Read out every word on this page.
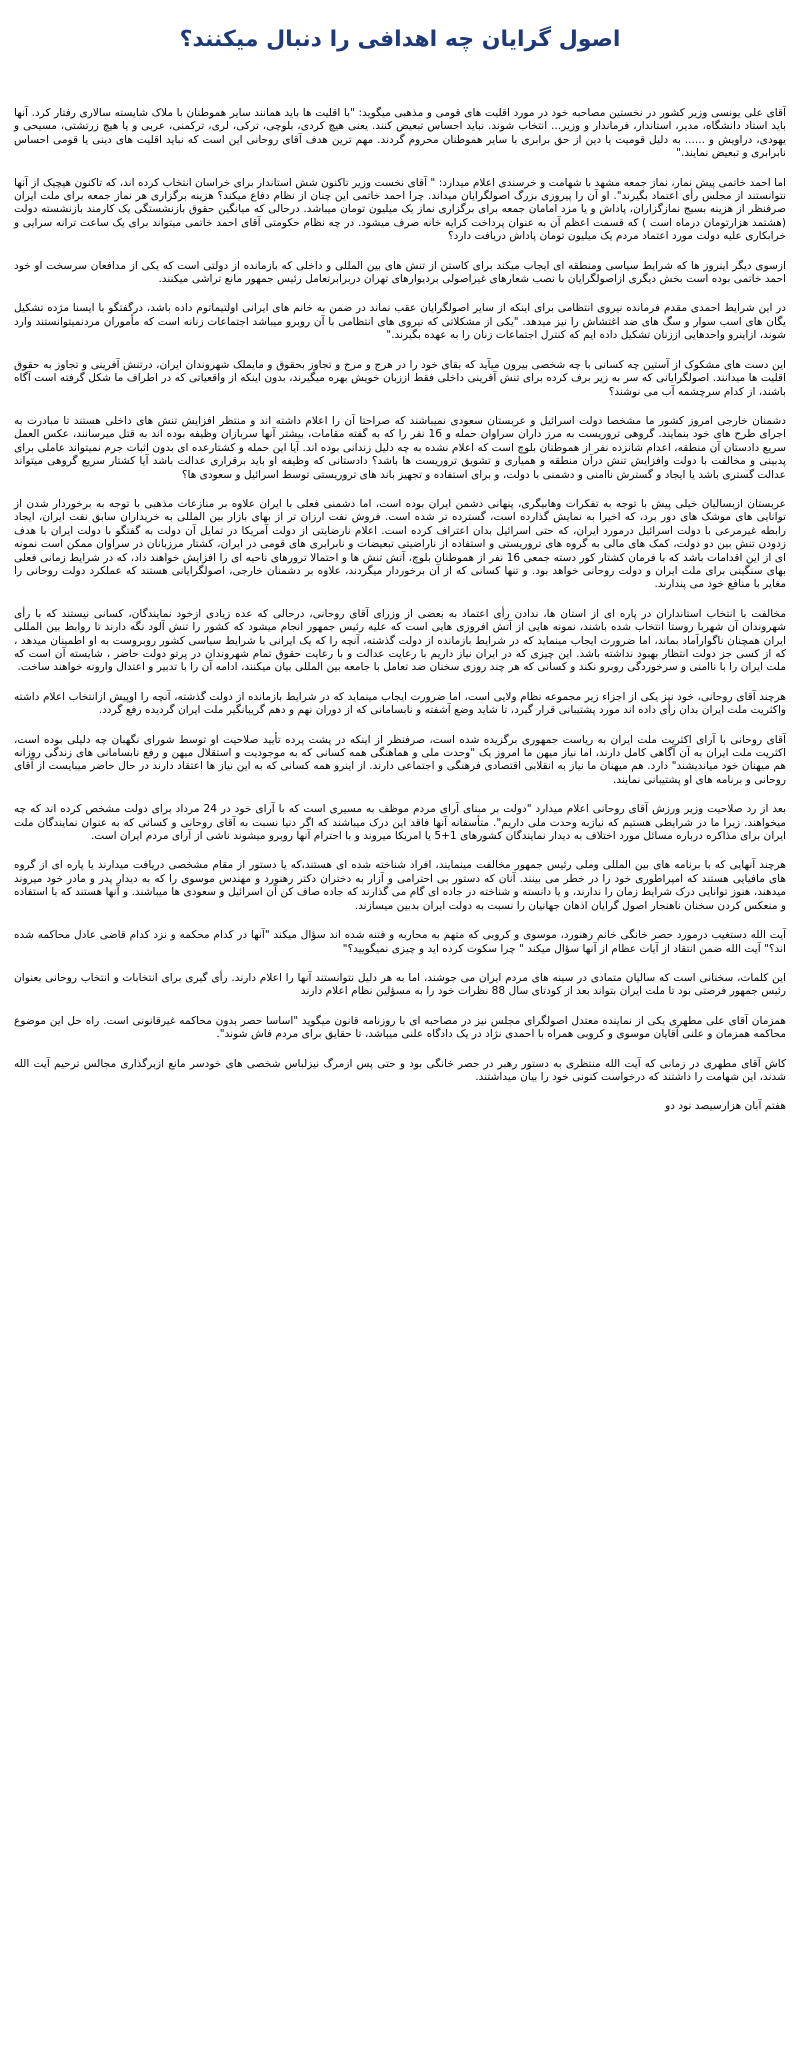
اصول گرایان چه اهدافی را دنبال میکنند؟

آقای علی یونسی وزیر کشور در نخستین مصاحبه خود در مورد اقلیت های قومی و مذهبی میگوید: "با اقلیت ها باید همانند سایر هموطنان با ملاک شایسته سالاری رفتار کرد. آنها باید استاد دانشگاه، مدیر، استاندار، فرماندار و وزیر... انتخاب شوند. نباید احساس تبعیض کنند. یعنی هیچ کردی، بلوچی، ترکی، لری، ترکمنی، عربی و یا هیچ زرتشتی، مسیحی و یهودی، دراویش و ...... به دلیل قومیت یا دین از حق برابری با سایر هموطنان محروم گردند. مهم ترین هدف آقای روحانی این است که نباید اقلیت های دینی یا قومی احساس نابرابری و تبعیض نمایند."

اما احمد خاتمی پیش نمار، نماز جمعه مشهد با شهامت و خرسندی اعلام میدارد: " آقای نخست وزیر تاکنون شش استاندار برای خراسان انتخاب کرده اند، که تاکنون هیچیک از آنها نتوانستند از مجلس رأی اعتماد بگیرند". او آن را پیروزی بزرگ اصولگرایان میداند. چرا احمد خاتمی این چنان از نظام دفاع میکند؟ هزینه برگزاری هر نماز جمعه برای ملت ایران صرفنظر از هزینه بسیج نمازگزاران، پاداش و یا مزد امامان جمعه برای برگزاری نماز یک میلیون تومان میباشد. درحالی که میانگین حقوق بازنشستگی یک کارمند بازنشسته دولت (هشتمد هزارتومان درماه است ) که قسمت اعظم آن به عنوان پرداخت کرایه خانه صرف میشود. در چه نظام حکومتی آقای احمد خاتمی میتواند برای یک ساعت ترانه سرایی و خرابکاری علیه دولت مورد اعتماد مردم یک میلیون تومان پاداش دریافت دارد؟

ازسوی دیگر اینروز ها که شرایط سیاسی ومنطقه ای ایجاب میکند برای کاستن از تنش های بین المللی و داخلی که بازمانده از دولتی است که یکی از مدافعان سرسخت او خود احمد خاتمی بوده است بخش دیگری ازاصولگرایان با نصب شعارهای غیراصولی بردیوارهای تهران دربرابرتعامل رئیس جمهور مانع تراشی میکنند.

در این شرایط احمدی مقدم فرمانده نیروی انتظامی برای اینکه از سایر اصولگرایان عقب نماند در ضمن به خانم های ایرانی اولتیماتوم داده باشد، درگفتگو با ایسنا مژده تشکیل یگان های اسب سوار و سگ های ضد اغتشاش را نیز میدهد. "یکی از مشکلاتی که نیروی های انتظامی با آن روبرو میباشد اجتماعات زنانه است که مأموران مردنمیتوانستند وارد شوند، ازاینرو واحدهایی اززنان تشکیل داده ایم که کنترل اجتماعات زنان را به عهده بگیرند."

این دست های مشکوک از آستین چه کسانی با چه شخصی بیرون میآید که بقای خود را در هرج و مرج و تجاوز بحقوق و مایملک شهروندان ایران، درتنش آفرینی و تجاوز به حقوق اقلیت ها میدانند. اصولگرایانی که سر به زیر برف کرده برای تنش آفرینی داخلی فقط اززبان خویش بهره میگیرند، بدون اینکه از واقعیاتی که در اطراف ما شکل گرفته است آگاه باشند، از کدام سرچشمه آب می نوشند؟

دشمنان خارجی امروز کشور ما مشخصا دولت اسرائیل و عربستان سعودی نمیباشند که صراحتا آن را اعلام داشته اند و منتظر افزایش تنش های داخلی هستند تا مبادرت به اجرای طرح های خود بنمایند. گروهی تروریست به مرز داران سراوان حمله و 16 نفر را که به گفته مقامات، بیشتر آنها سربازان وظیفه بوده اند به قتل میرسانند، عکس العمل سریع دادستان آن منطقه، اعدام شانزده نفر از هموطنان بلوچ است که اعلام نشده به چه دلیل زندانی بوده اند. آیا این حمله و کشتارعده ای بدون اثبات جرم نمیتواند عاملی برای پدبینی و مخالفت با دولت وافزایش تنش درآن منطقه و همیاری و تشویق تروریست ها باشد؟ دادستانی که وظیفه او باید برقراری عدالت باشد آیا کشتار سریع گروهی میتواند عدالت گستری باشد یا ایجاد و گسترش ناامنی و دشمنی با دولت، و برای استفاده و تجهیز باند های تروریستی توسط اسرائیل و سعودی ها؟

عربستان ازبسالیان خیلی پیش با توجه به تفکرات وهابیگری، پنهانی دشمن ایران بوده است، اما دشمنی فعلی با ایران علاوه بر منازعات مذهبی با توجه به برخوردار شدن از توانایی های موشک های دور برد، که اخیرا به نمایش گذارده است، گسترده تر شده است. فروش نفت ارزان تر از بهای بازار بین المللی به خریداران سابق نفت ایران، ایجاد رابطه غیرمرعی با دولت اسرائیل درمورد ایران، که حتی اسرائیل بدان اعتراف کرده است. اعلام نارضایتی از دولت آمریکا در تمایل آن دولت به گفتگو با دولت ایران با هدف زدودن تنش بین دو دولت، کمک های مالی به گروه های تروریستی و استفاده از ناراضیتی تبعیضات و نابرابری های قومی در ایران، کشتار مرزبانان در سراوان ممکن است نمونه ای از این اقدامات باشد که با فرمان کشتار کور دسته جمعی 16 نفر از هموطنان بلوچ، آتش تنش ها و احتمالا ترورهای ناحیه ای را افزایش خواهند داد، که در شرایط زمانی فعلی بهای سنگینی برای ملت ایران و دولت روحانی خواهد بود. و تنها کسانی که از آن برخوردار میگردند، علاوه بر دشمنان خارجی، اصولگرایانی هستند که عملکرد دولت روحانی را مغایر با منافع خود می پندارند.

مخالفت با انتخاب استانداران در پاره ای از استان ها، ندادن رأی اعتماد به بعضی از وزرای آقای روحانی، درحالی که عده زیادی ازخود نمایندگان، کسانی نیستند که با رأی شهروندان آن شهربا روستا انتخاب شده باشند، نمونه هایی از آتش افروزی هایی است که علیه رئیس جمهور انجام میشود که کشور را تنش آلود نگه دارند تا روابط بین المللی ایران همچنان ناگوارآماد بماند، اما ضرورت ایجاب مینماید که در شرایط بازمانده از دولت گذشته، آنچه را که یک ایرانی با شرایط سیاسی کشور روبروست به او اطمینان میدهد ، که از کسی جز دولت انتظار بهبود نداشته باشد. این چیزی که در ایران نیاز داریم با رعایت عدالت و با رعایت حقوق تمام شهروندان در پرتو دولت حاضر ، شایسته آن است که ملت ایران را با ناامنی و سرخوردگی روبرو نکند و کسانی که هر چند روزی سخنان ضد تعامل با جامعه بین المللی بیان میکنند، ادامه آن را با تدبیر و اعتدال وارونه خواهند ساخت.

هرچند آقای روحانی، خود نیز یکی از اجزاء زیر مجموعه نظام ولایی است، اما ضرورت ایجاب مینماید که در شرایط بازمانده از دولت گذشته، آنچه را اوپیش ازانتخاب اعلام داشته واکثریت ملت ایران بدان رأی داده اند مورد پشتیبانی قرار گیرد، تا شاید وضع آشفته و نابسامانی که از دوران نهم و دهم گریبانگیر ملت ایران گردیده رفع گردد.

آقای روحانی با آرای اکثریت ملت ایران به ریاست جمهوری برگزیده شده است، صرفنظر از اینکه در پشت پرده تأیید صلاحیت او توسط شورای نگهبان چه دلیلی بوده است، اکثریت ملت ایران به آن آگاهی کامل دارند، اما نیاز میهن ما امروز یک "وحدت ملی و هماهنگی همه کسانی که به موجودیت و استقلال میهن و رفع نابسامانی های زندگی روزانه هم میهنان خود میاندیشند" دارد. هم میهنان ما نیاز به انقلابی اقتصادی فرهنگی و اجتماعی دارند. از اینرو همه کسانی که به این نیاز ها اعتقاد دارند در حال حاضر میبایست از آقای روحانی و برنامه های او پشتیبانی نمایند.

بعد از رد صلاحیت وزیر ورزش آقای روحانی اعلام میدارد "دولت بر مبنای آرای مردم موظف به مسیری است که با آرای خود در 24 مرداد برای دولت مشخص کرده اند که چه میخواهند. زیرا ما در شرایطی هستیم که نیازبه وحدت ملی داریم". متأسفانه آنها فاقد این درک میباشند که اگر دنیا نسبت به آقای روحانی و کسانی که به عنوان نمایندگان ملت ایران برای مذاکره درباره مسائل مورد اختلاف به دیدار نمایندگان کشورهای 1+5 یا امریکا میروند و با احترام آنها روبرو میشوند ناشی از آرای مردم ایران است.

هرچند آنهایی که با برنامه های بین المللی وملی رئیس جمهور مخالفت مینمایند، افراد شناخته شده ای هستند،که یا دستور از مقام مشخصی دریافت میدارند یا پاره ای از گروه های مافیایی هستند که امپراطوری خود را در خطر می بینند. آنان که دستور بی احترامی و آزار به دختران دکتر رهنورد و مهندس موسوی را که به دیدار پدر و مادر خود میروند میدهند، هنوز توانایی درک شرایط زمان را ندارند، و یا دانسته و شناخته در جاده ای گام می گذارند که جاده صاف کن آن اسرائیل و سعودی ها میباشند. و آنها هستند که با استفاده و منعکس کردن سخنان ناهنجار اصول گرایان اذهان جهانیان را نسبت به دولت ایران بدبین میسازند.

آیت الله دستغیب درمورد حصر خانگی خانم رهنورد، موسوی و کروبی که متهم به محاربه و فتنه شده اند سؤال میکند "آنها در کدام محکمه و نزد کدام قاضی عادل محاکمه شده اند؟" آیت الله ضمن انتقاد از آیات عظام از آنها سؤال میکند " چرا سکوت کرده اید و چیزی نمیگویید؟"

این کلمات، سخنانی است که سالیان متمادی در سینه های مردم ایران می جوشند، اما به هر دلیل نتوانستند آنها را اعلام دارند. رأی گیری برای انتخابات و انتخاب روحانی بعنوان رئیس جمهور فرصتی بود تا ملت ایران بتواند بعد از کودتای سال 88 نظرات خود را به مسؤلین نظام اعلام دارند

همزمان آقای علی مطهری یکی از نماینده معتدل اصولگرای مجلس نیز در مصاحبه ای با روزنامه قانون میگوید "اساسا حصر بدون محاکمه غیرقانونی است. راه حل این موضوع محاکمه همزمان و علنی آقایان موسوی و کروبی همراه با احمدی نژاد در یک دادگاه علنی میباشد، تا حقایق برای مردم فاش شوند".

کاش آقای مطهری در زمانی که آیت الله منتظری به دستور رهبر در حصر خانگی بود و حتی پس ازمرگ نیزلباس شخصی های خودسر مانع ازبرگذاری مجالس ترحیم آیت الله شدند، این شهامت را داشتند که درخواست کنونی خود را بیان میداشتند.

هفتم آبان هزارسیصد نود دو
